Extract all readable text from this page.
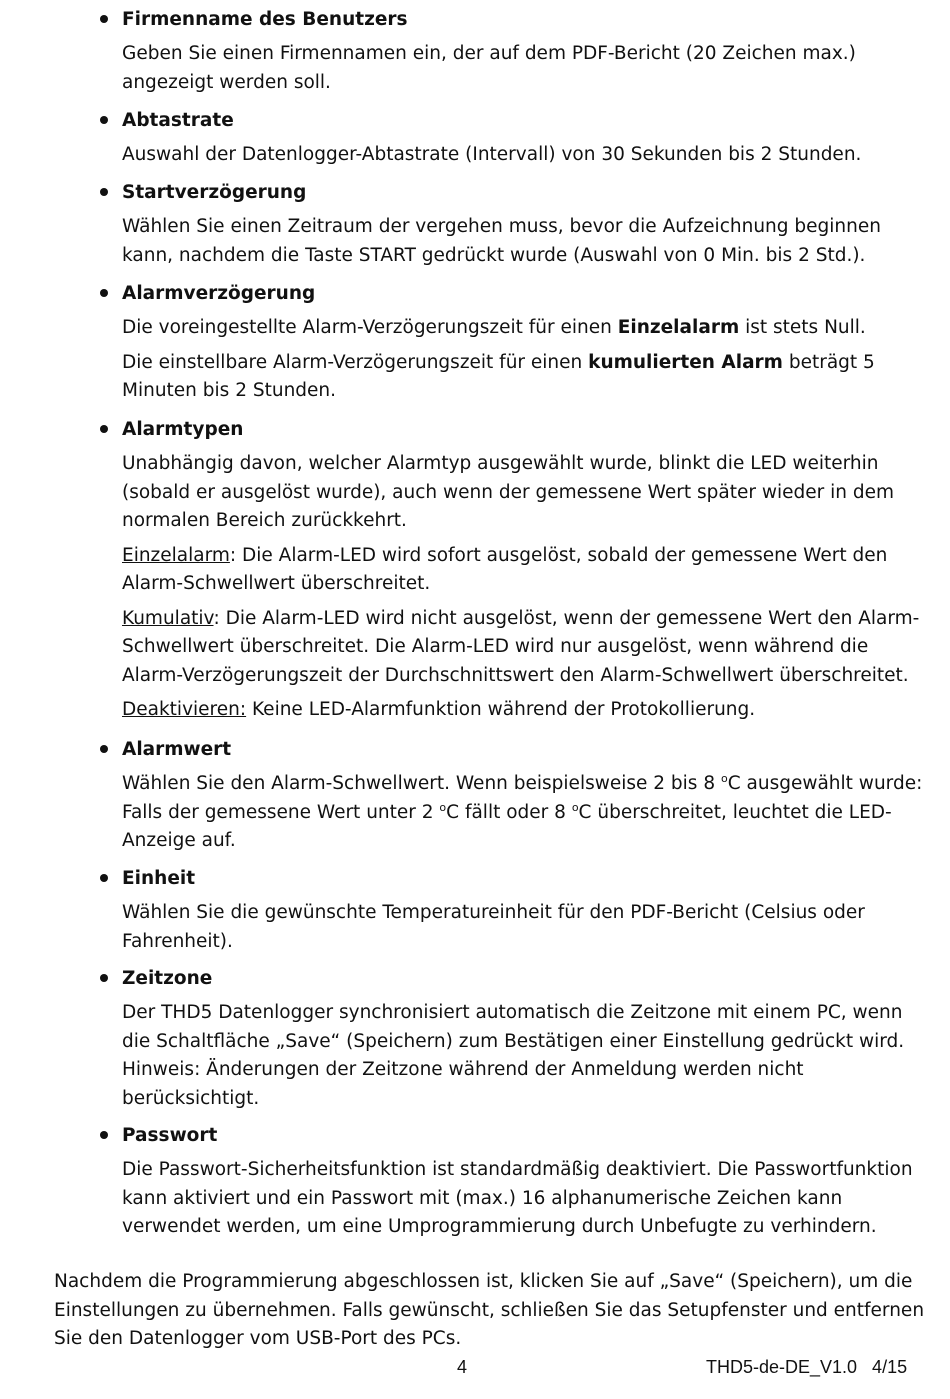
Firmenname des Benutzers
Geben Sie einen Firmennamen ein, der auf dem PDF-Bericht (20 Zeichen max.)
angezeigt werden soll.
Abtastrate
Auswahl der Datenlogger-Abtastrate (Intervall) von 30 Sekunden bis 2 Stunden.
Startverzögerung
Wählen Sie einen Zeitraum der vergehen muss, bevor die Aufzeichnung beginnen
kann, nachdem die Taste START gedrückt wurde (Auswahl von 0 Min. bis 2 Std.).
Alarmverzögerung
Die voreingestellte Alarm-Verzögerungszeit für einen Einzelalarm ist stets Null.
Die einstellbare Alarm-Verzögerungszeit für einen kumulierten Alarm beträgt 5
Minuten bis 2 Stunden.
Alarmtypen
Unabhängig davon, welcher Alarmtyp ausgewählt wurde, blinkt die LED weiterhin
(sobald er ausgelöst wurde), auch wenn der gemessene Wert später wieder in dem
normalen Bereich zurückkehrt.
Einzelalarm: Die Alarm-LED wird sofort ausgelöst, sobald der gemessene Wert den
Alarm-Schwellwert überschreitet.
Kumulativ: Die Alarm-LED wird nicht ausgelöst, wenn der gemessene Wert den Alarm-
Schwellwert überschreitet. Die Alarm-LED wird nur ausgelöst, wenn während die
Alarm-Verzögerungszeit der Durchschnittswert den Alarm-Schwellwert überschreitet.
Deaktivieren: Keine LED-Alarmfunktion während der Protokollierung.
Alarmwert
Wählen Sie den Alarm-Schwellwert. Wenn beispielsweise 2 bis 8 $^o$C ausgewählt wurde:
Falls der gemessene Wert unter 2 $^o$C fällt oder 8 $^o$C überschreitet, leuchtet die LED-
Anzeige auf.
Einheit
Wählen Sie die gewünschte Temperatureinheit für den PDF-Bericht (Celsius oder
Fahrenheit).
Zeitzone
Der THD5 Datenlogger synchronisiert automatisch die Zeitzone mit einem PC, wenn
die Schaltfläche „Save“ (Speichern) zum Bestätigen einer Einstellung gedrückt wird.
Hinweis: Änderungen der Zeitzone während der Anmeldung werden nicht
berücksichtigt.
Passwort
Die Passwort-Sicherheitsfunktion ist standardmäßig deaktiviert. Die Passwortfunktion
kann aktiviert und ein Passwort mit (max.) 16 alphanumerische Zeichen kann
verwendet werden, um eine Umprogrammierung durch Unbefugte zu verhindern.
Nachdem die Programmierung abgeschlossen ist, klicken Sie auf „Save“ (Speichern), um die
Einstellungen zu übernehmen. Falls gewünscht, schließen Sie das Setupfenster und entfernen
Sie den Datenlogger vom USB-Port des PCs.
4	THD5-de-DE_V1.0   4/15
